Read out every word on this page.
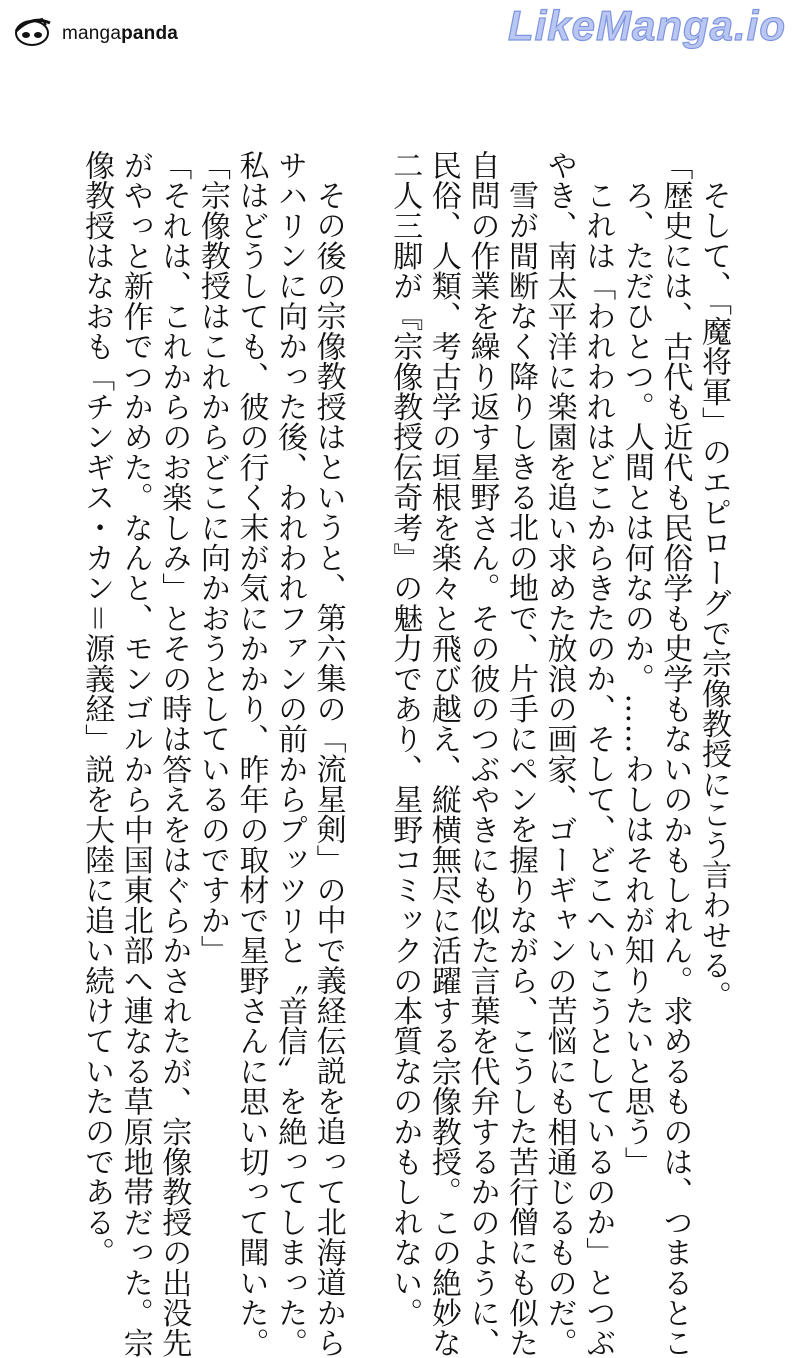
mangapanda	LikeManga.io

そして、「魔将軍」のエピローグで宗像教授にこう言わせる。

「歴史には、古代も近代も民俗学も史学もないのかもしれん。求めるものは、つまるとこ

ろ、ただひとつ。人間とは何なのか。……わしはそれが知りたいと思う」

これは「われわれはどこからきたのか、そして、どこへいこうとしているのか」とつぶ

やき、南太平洋に楽園を追い求めた放浪の画家、ゴーギャンの苦悩にも相通じるものだ。

雪が間断なく降りしきる北の地で、片手にペンを握りながら、こうした苦行僧にも似た

自問の作業を繰り返す星野さん。その彼のつぶやきにも似た言葉を代弁するかのように、

民俗、人類、考古学の垣根を楽々と飛び越え、縦横無尽に活躍する宗像教授。この絶妙な

二人三脚が『宗像教授伝奇考』の魅力であり、星野コミックの本質なのかもしれない。

その後の宗像教授はというと、第六集の「流星剣」の中で義経伝説を追って北海道から

サハリンに向かった後、われわれファンの前からプッツリと〝音信〟を絶ってしまった。

私はどうしても、彼の行く末が気にかかり、昨年の取材で星野さんに思い切って聞いた。

「宗像教授はこれからどこに向かおうとしているのですか」

「それは、これからのお楽しみ」とその時は答えをはぐらかされたが、宗像教授の出没先

がやっと新作でつかめた。なんと、モンゴルから中国東北部へ連なる草原地帯だった。宗

像教授はなおも「チンギス・カン＝源義経」説を大陸に追い続けていたのである。
